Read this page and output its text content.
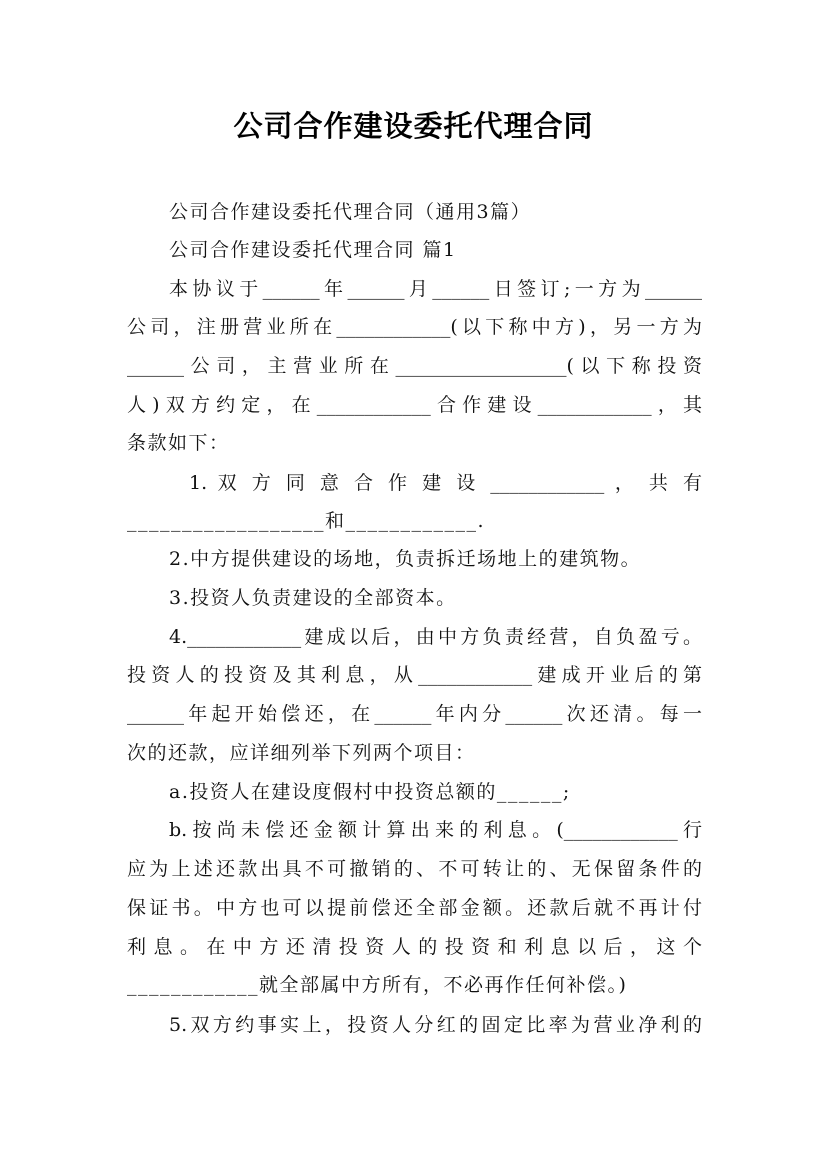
公司合作建设委托代理合同
公司合作建设委托代理合同（通用3篇）
公司合作建设委托代理合同 篇1
本协议于______年______月______日签订;一方为______
公司，注册营业所在____________(以下称中方)，另一方为
______公司，主营业所在__________________(以下称投资
人)双方约定，在____________合作建设____________，其
条款如下：
1. 双 方 同 意 合 作 建 设 ____________ ， 共 有
__________________和____________.
2.中方提供建设的场地，负责拆迁场地上的建筑物。
3.投资人负责建设的全部资本。
4.____________建成以后，由中方负责经营，自负盈亏。
投资人的投资及其利息，从____________建成开业后的第
______年起开始偿还，在______年内分______次还清。每一
次的还款，应详细列举下列两个项目：
a.投资人在建设度假村中投资总额的______;
b.按尚未偿还金额计算出来的利息。(____________行
应为上述还款出具不可撤销的、不可转让的、无保留条件的
保证书。中方也可以提前偿还全部金额。还款后就不再计付
利 息 。 在 中 方 还 清 投 资 人 的 投 资 和 利 息 以 后 ， 这 个
____________就全部属中方所有，不必再作任何补偿。)
5.双方约事实上，投资人分红的固定比率为营业净利的
